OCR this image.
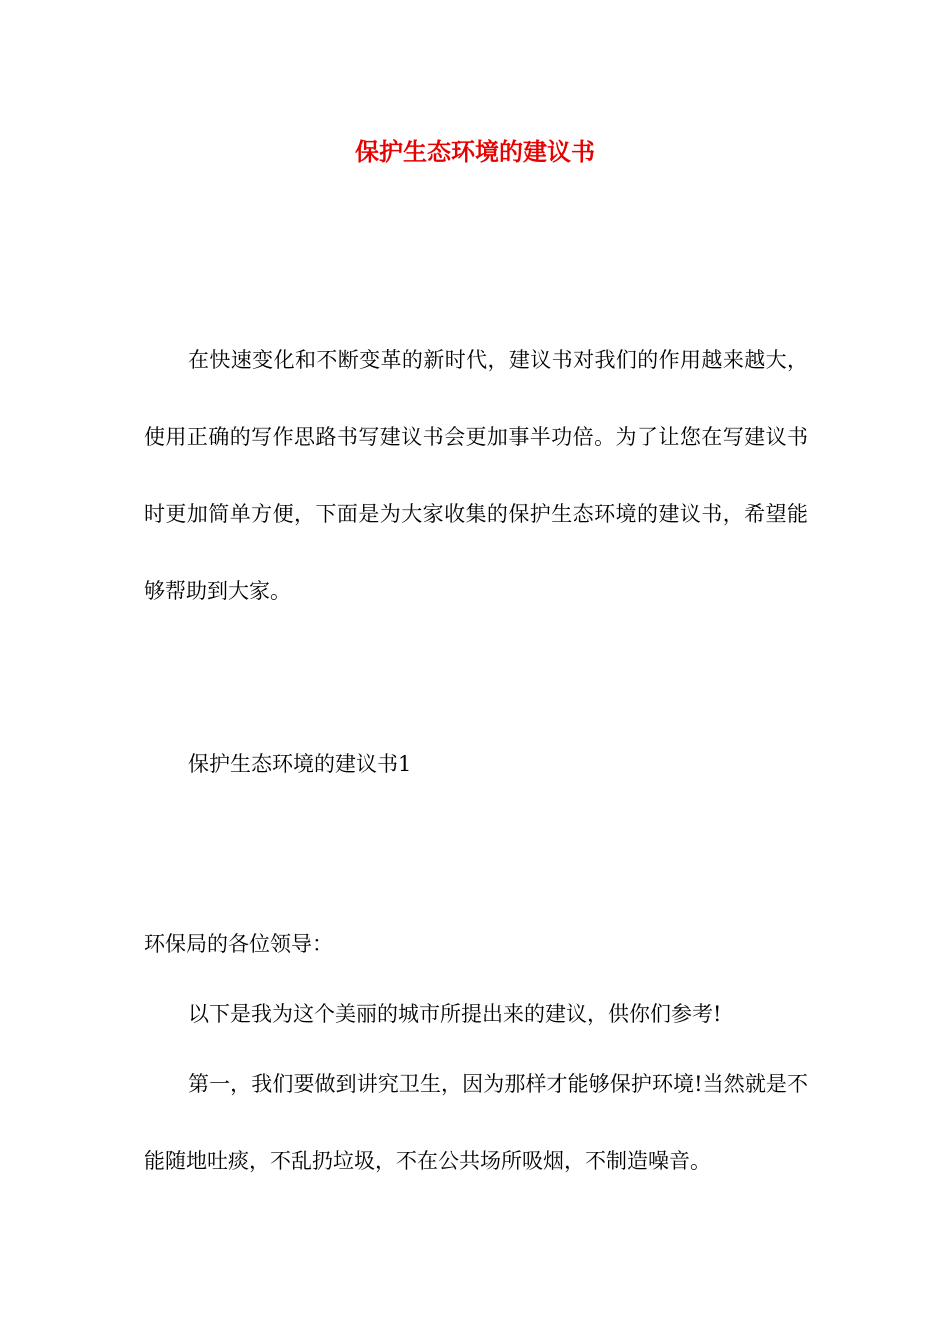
保护生态环境的建议书

在快速变化和不断变革的新时代，建议书对我们的作用越来越大，使用正确的写作思路书写建议书会更加事半功倍。为了让您在写建议书时更加简单方便，下面是为大家收集的保护生态环境的建议书，希望能够帮助到大家。

保护生态环境的建议书1

环保局的各位领导：

以下是我为这个美丽的城市所提出来的建议，供你们参考!

第一，我们要做到讲究卫生，因为那样才能够保护环境!当然就是不能随地吐痰，不乱扔垃圾，不在公共场所吸烟，不制造噪音。
